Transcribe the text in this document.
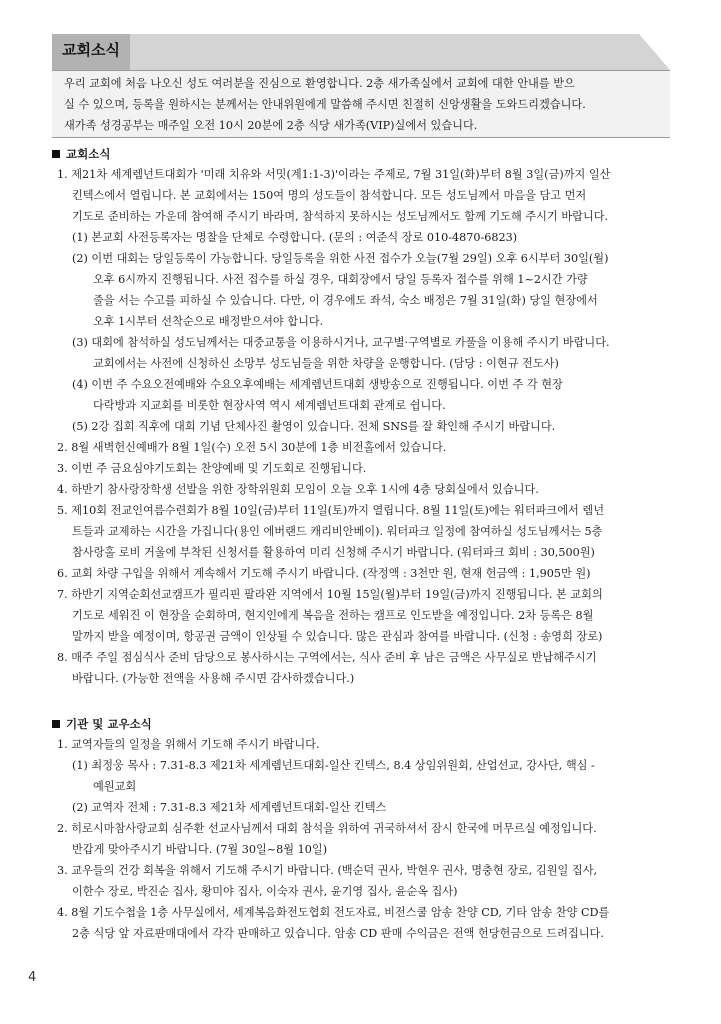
교회소식
우리 교회에 처음 나오신 성도 여러분을 진심으로 환영합니다. 2층 새가족실에서 교회에 대한 안내를 받으
실 수 있으며, 등록을 원하시는 분께서는 안내위원에게 말씀해 주시면 친절히 신앙생활을 도와드리겠습니다.
새가족 성경공부는 매주일 오전 10시 20분에 2층 식당 새가족(VIP)실에서 있습니다.
교회소식
1. 제21차 세계렘넌트대회가 '미래 치유와 서밋(계1:1-3)'이라는 주제로, 7월 31일(화)부터 8월 3일(금)까지 일산
킨텍스에서 열립니다. 본 교회에서는 150여 명의 성도들이 참석합니다. 모든 성도님께서 마음을 담고 먼저
기도로 준비하는 가운데 참여해 주시기 바라며, 참석하지 못하시는 성도님께서도 함께 기도해 주시기 바랍니다.
(1) 본교회 사전등록자는 명찰을 단체로 수령합니다. (문의 : 여준식 장로 010-4870-6823)
(2) 이번 대회는 당일등록이 가능합니다. 당일등록을 위한 사전 접수가 오늘(7월 29일) 오후 6시부터 30일(월)
오후 6시까지 진행됩니다. 사전 접수를 하실 경우, 대회장에서 당일 등록자 접수를 위해 1~2시간 가량
줄을 서는 수고를 피하실 수 있습니다. 다만, 이 경우에도 좌석, 숙소 배정은 7월 31일(화) 당일 현장에서
오후 1시부터 선착순으로 배정받으셔야 합니다.
(3) 대회에 참석하실 성도님께서는 대중교통을 이용하시거나, 교구별·구역별로 카풀을 이용해 주시기 바랍니다.
교회에서는 사전에 신청하신 소망부 성도님들을 위한 차량을 운행합니다. (담당 : 이현규 전도사)
(4) 이번 주 수요오전예배와 수요오후예배는 세계렘넌트대회 생방송으로 진행됩니다. 이번 주 각 현장
다락방과 지교회를 비롯한 현장사역 역시 세계렘넌트대회 관계로 쉽니다.
(5) 2강 집회 직후에 대회 기념 단체사진 촬영이 있습니다. 전체 SNS를 잘 확인해 주시기 바랍니다.
2. 8월 새벽헌신예배가 8월 1일(수) 오전 5시 30분에 1층 비전홀에서 있습니다.
3. 이번 주 금요심야기도회는 찬양예배 및 기도회로 진행됩니다.
4. 하반기 참사랑장학생 선발을 위한 장학위원회 모임이 오늘 오후 1시에 4층 당회실에서 있습니다.
5. 제10회 전교인여름수련회가 8월 10일(금)부터 11일(토)까지 열립니다. 8월 11일(토)에는 워터파크에서 렘넌
트들과 교제하는 시간을 가집니다(용인 에버랜드 캐리비안베이). 워터파크 일정에 참여하실 성도님께서는 5층
참사랑홀 로비 거울에 부착된 신청서를 활용하여 미리 신청해 주시기 바랍니다. (워터파크 회비 : 30,500원)
6. 교회 차량 구입을 위해서 계속해서 기도해 주시기 바랍니다. (작정액 : 3천만 원, 현재 헌금액 : 1,905만 원)
7. 하반기 지역순회선교캠프가 필리핀 팔라완 지역에서 10월 15일(월)부터 19일(금)까지 진행됩니다. 본 교회의
기도로 세워진 이 현장을 순회하며, 현지인에게 복음을 전하는 캠프로 인도받을 예정입니다. 2차 등록은 8월
말까지 받을 예정이며, 항공권 금액이 인상될 수 있습니다. 많은 관심과 참여를 바랍니다. (신청 : 송영희 장로)
8. 매주 주일 점심식사 준비 담당으로 봉사하시는 구역에서는, 식사 준비 후 남은 금액은 사무실로 반납해주시기
바랍니다. (가능한 전액을 사용해 주시면 감사하겠습니다.)
기관 및 교우소식
1. 교역자들의 일정을 위해서 기도해 주시기 바랍니다.
(1) 최정웅 목사 : 7.31-8.3 제21차 세계렘넌트대회-일산 킨텍스, 8.4 상임위원회, 산업선교, 강사단, 핵심 -
예원교회
(2) 교역자 전체 : 7.31-8.3 제21차 세계렘넌트대회-일산 킨텍스
2. 히로시마참사랑교회 심주환 선교사님께서 대회 참석을 위하여 귀국하셔서 잠시 한국에 머무르실 예정입니다.
반갑게 맞아주시기 바랍니다. (7월 30일~8월 10일)
3. 교우들의 건강 회복을 위해서 기도해 주시기 바랍니다. (백순덕 권사, 박현우 권사, 명충현 장로, 김원일 집사,
이한수 장로, 박진순 집사, 황미야 집사, 이숙자 권사, 윤기영 집사, 윤순옥 집사)
4. 8월 기도수첩을 1층 사무실에서, 세계복음화전도협회 전도자료, 비전스쿨 암송 찬양 CD, 기타 암송 찬양 CD를
2층 식당 앞 자료판매대에서 각각 판매하고 있습니다. 암송 CD 판매 수익금은 전액 헌당헌금으로 드려집니다.
4
